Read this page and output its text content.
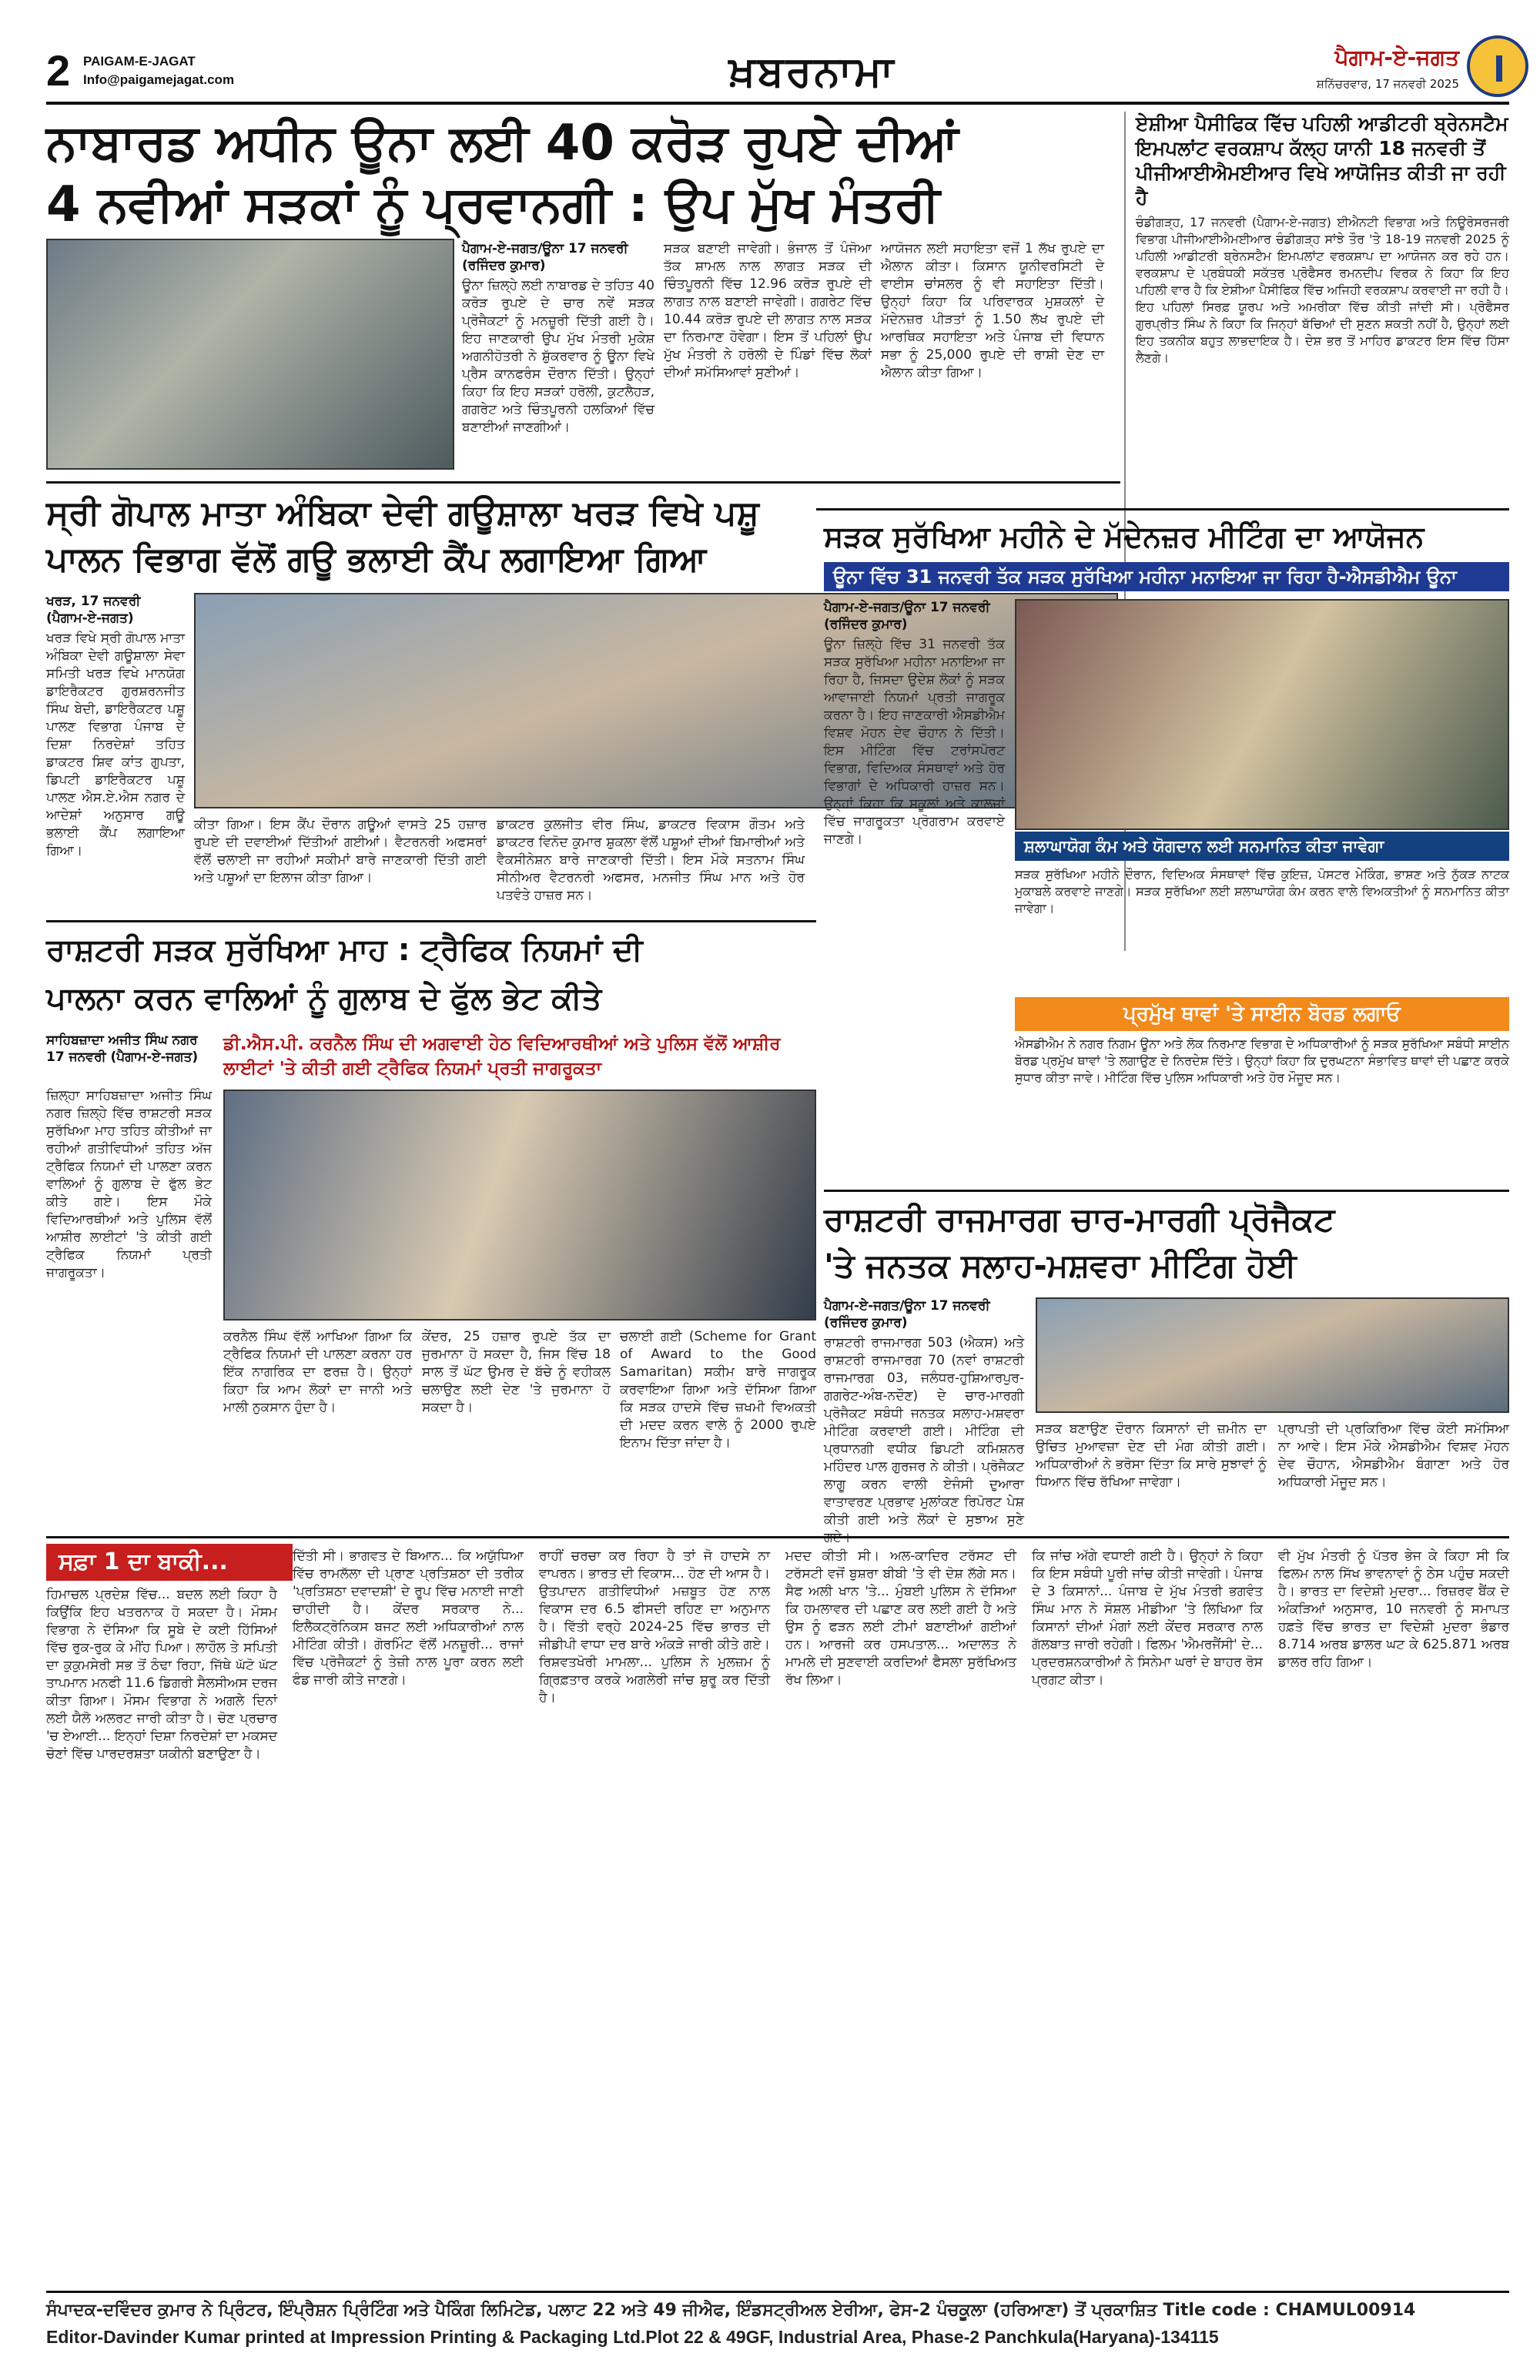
2 PAIGAM-E-JAGAT
Info@paigamejagat.com	ਖ਼ਬਰਨਾਮਾ	ਪੈਗਾਮ-ਏ-ਜਗਤ
ਸ਼ਨਿੱਚਰਵਾਰ, 17 ਜਨਵਰੀ 2025
ਨਾਬਾਰਡ ਅਧੀਨ ਊਨਾ ਲਈ 40 ਕਰੋੜ ਰੁਪਏ ਦੀਆਂ
4 ਨਵੀਆਂ ਸੜਕਾਂ ਨੂੰ ਪ੍ਰਵਾਨਗੀ : ਉਪ ਮੁੱਖ ਮੰਤਰੀ
ਪੈਗਾਮ-ਏ-ਜਗਤ/ਊਨਾ 17 ਜਨਵਰੀ (ਰਜਿੰਦਰ ਕੁਮਾਰ)
ਊਨਾ ਜ਼ਿਲ੍ਹੇ ਲਈ ਨਾਬਾਰਡ ਦੇ ਤਹਿਤ 40 ਕਰੋੜ ਰੁਪਏ ਦੇ ਚਾਰ ਨਵੇਂ ਸੜਕ ਪ੍ਰੋਜੈਕਟਾਂ ਨੂੰ ਮਨਜ਼ੂਰੀ ਦਿੱਤੀ ਗਈ ਹੈ। ਇਹ ਜਾਣਕਾਰੀ ਉਪ ਮੁੱਖ ਮੰਤਰੀ ਮੁਕੇਸ਼ ਅਗਨੀਹੋਤਰੀ ਨੇ ਸ਼ੁੱਕਰਵਾਰ ਨੂੰ ਊਨਾ ਵਿਖੇ ਪ੍ਰੈਸ ਕਾਨਫਰੰਸ ਦੌਰਾਨ ਦਿੱਤੀ। ਉਨ੍ਹਾਂ ਕਿਹਾ ਕਿ ਇਹ ਸੜਕਾਂ ਹਰੋਲੀ, ਕੁਟਲੈਹੜ, ਗਗਰੇਟ ਅਤੇ ਚਿੰਤਪੂਰਨੀ ਹਲਕਿਆਂ ਵਿੱਚ ਬਣਾਈਆਂ ਜਾਣਗੀਆਂ।
ਸੜਕ ਬਣਾਈ ਜਾਵੇਗੀ। ਭੰਜਾਲ ਤੋਂ ਪੰਜੋਆ ਤੱਕ ਸ਼ਾਮਲ ਨਾਲ ਲਾਗਤ ਸੜਕ ਦੀ ਚਿੰਤਪੂਰਨੀ ਵਿੱਚ 12.96 ਕਰੋੜ ਰੁਪਏ ਦੀ ਲਾਗਤ ਨਾਲ ਬਣਾਈ ਜਾਵੇਗੀ। ਗਗਰੇਟ ਵਿੱਚ 10.44 ਕਰੋੜ ਰੁਪਏ ਦੀ ਲਾਗਤ ਨਾਲ ਸੜਕ ਦਾ ਨਿਰਮਾਣ ਹੋਵੇਗਾ। ਇਸ ਤੋਂ ਪਹਿਲਾਂ ਉਪ ਮੁੱਖ ਮੰਤਰੀ ਨੇ ਹਰੋਲੀ ਦੇ ਪਿੰਡਾਂ ਵਿੱਚ ਲੋਕਾਂ ਦੀਆਂ ਸਮੱਸਿਆਵਾਂ ਸੁਣੀਆਂ।
ਆਯੋਜਨ ਲਈ ਸਹਾਇਤਾ ਵਜੋਂ 1 ਲੱਖ ਰੁਪਏ ਦਾ ਐਲਾਨ ਕੀਤਾ। ਕਿਸਾਨ ਯੂਨੀਵਰਸਿਟੀ ਦੇ ਵਾਈਸ ਚਾਂਸਲਰ ਨੂੰ ਵੀ ਸਹਾਇਤਾ ਦਿੱਤੀ। ਉਨ੍ਹਾਂ ਕਿਹਾ ਕਿ ਪਰਿਵਾਰਕ ਮੁਸ਼ਕਲਾਂ ਦੇ ਮੱਦੇਨਜ਼ਰ ਪੀੜਤਾਂ ਨੂੰ 1.50 ਲੱਖ ਰੁਪਏ ਦੀ ਆਰਥਿਕ ਸਹਾਇਤਾ ਅਤੇ ਪੰਜਾਬ ਦੀ ਵਿਧਾਨ ਸਭਾ ਨੂੰ 25,000 ਰੁਪਏ ਦੀ ਰਾਸ਼ੀ ਦੇਣ ਦਾ ਐਲਾਨ ਕੀਤਾ ਗਿਆ।
ਏਸ਼ੀਆ ਪੈਸੀਫਿਕ ਵਿੱਚ ਪਹਿਲੀ ਆਡੀਟਰੀ ਬ੍ਰੇਨਸਟੈਮ ਇਮਪਲਾਂਟ ਵਰਕਸ਼ਾਪ ਕੱਲ੍ਹ ਯਾਨੀ 18 ਜਨਵਰੀ ਤੋਂ ਪੀਜੀਆਈਐਮਈਆਰ ਵਿਖੇ ਆਯੋਜਿਤ ਕੀਤੀ ਜਾ ਰਹੀ ਹੈ
ਚੰਡੀਗੜ੍ਹ, 17 ਜਨਵਰੀ (ਪੈਗਾਮ-ਏ-ਜਗਤ) ਈਐਨਟੀ ਵਿਭਾਗ ਅਤੇ ਨਿਊਰੋਸਰਜਰੀ ਵਿਭਾਗ ਪੀਜੀਆਈਐਮਈਆਰ ਚੰਡੀਗੜ੍ਹ ਸਾਂਝੇ ਤੌਰ 'ਤੇ 18-19 ਜਨਵਰੀ 2025 ਨੂੰ ਪਹਿਲੀ ਆਡੀਟਰੀ ਬ੍ਰੇਨਸਟੈਮ ਇਮਪਲਾਂਟ ਵਰਕਸ਼ਾਪ ਦਾ ਆਯੋਜਨ ਕਰ ਰਹੇ ਹਨ। ਵਰਕਸ਼ਾਪ ਦੇ ਪ੍ਰਬੰਧਕੀ ਸਕੱਤਰ ਪ੍ਰੋਫੈਸਰ ਰਮਨਦੀਪ ਵਿਰਕ ਨੇ ਕਿਹਾ ਕਿ ਇਹ ਪਹਿਲੀ ਵਾਰ ਹੈ ਕਿ ਏਸ਼ੀਆ ਪੈਸੀਫਿਕ ਵਿੱਚ ਅਜਿਹੀ ਵਰਕਸ਼ਾਪ ਕਰਵਾਈ ਜਾ ਰਹੀ ਹੈ। ਇਹ ਪਹਿਲਾਂ ਸਿਰਫ਼ ਯੂਰਪ ਅਤੇ ਅਮਰੀਕਾ ਵਿੱਚ ਕੀਤੀ ਜਾਂਦੀ ਸੀ। ਪ੍ਰੋਫੈਸਰ ਗੁਰਪ੍ਰੀਤ ਸਿੰਘ ਨੇ ਕਿਹਾ ਕਿ ਜਿਨ੍ਹਾਂ ਬੱਚਿਆਂ ਦੀ ਸੁਣਨ ਸ਼ਕਤੀ ਨਹੀਂ ਹੈ, ਉਨ੍ਹਾਂ ਲਈ ਇਹ ਤਕਨੀਕ ਬਹੁਤ ਲਾਭਦਾਇਕ ਹੈ। ਦੇਸ਼ ਭਰ ਤੋਂ ਮਾਹਿਰ ਡਾਕਟਰ ਇਸ ਵਿੱਚ ਹਿੱਸਾ ਲੈਣਗੇ।
ਸ੍ਰੀ ਗੋਪਾਲ ਮਾਤਾ ਅੰਬਿਕਾ ਦੇਵੀ ਗਊਸ਼ਾਲਾ ਖਰੜ ਵਿਖੇ ਪਸ਼ੂ
ਪਾਲਨ ਵਿਭਾਗ ਵੱਲੋਂ ਗਊ ਭਲਾਈ ਕੈਂਪ ਲਗਾਇਆ ਗਿਆ
ਖਰੜ, 17 ਜਨਵਰੀ (ਪੈਗਾਮ-ਏ-ਜਗਤ)
ਖਰੜ ਵਿਖੇ ਸ੍ਰੀ ਗੋਪਾਲ ਮਾਤਾ ਅੰਬਿਕਾ ਦੇਵੀ ਗਊਸ਼ਾਲਾ ਸੇਵਾ ਸਮਿਤੀ ਖਰੜ ਵਿਖੇ ਮਾਨਯੋਗ ਡਾਇਰੈਕਟਰ ਗੁਰਸ਼ਰਨਜੀਤ ਸਿੰਘ ਬੇਦੀ, ਡਾਇਰੈਕਟਰ ਪਸ਼ੂ ਪਾਲਣ ਵਿਭਾਗ ਪੰਜਾਬ ਦੇ ਦਿਸ਼ਾ ਨਿਰਦੇਸ਼ਾਂ ਤਹਿਤ ਡਾਕਟਰ ਸ਼ਿਵ ਕਾਂਤ ਗੁਪਤਾ, ਡਿਪਟੀ ਡਾਇਰੈਕਟਰ ਪਸ਼ੂ ਪਾਲਣ ਐਸ.ਏ.ਐਸ ਨਗਰ ਦੇ ਆਦੇਸ਼ਾਂ ਅਨੁਸਾਰ ਗਊ ਭਲਾਈ ਕੈਂਪ ਲਗਾਇਆ ਗਿਆ।
ਕੀਤਾ ਗਿਆ। ਇਸ ਕੈਂਪ ਦੌਰਾਨ ਗਊਆਂ ਵਾਸਤੇ 25 ਹਜ਼ਾਰ ਰੁਪਏ ਦੀ ਦਵਾਈਆਂ ਦਿੱਤੀਆਂ ਗਈਆਂ। ਵੈਟਰਨਰੀ ਅਫਸਰਾਂ ਵੱਲੋਂ ਚਲਾਈ ਜਾ ਰਹੀਆਂ ਸਕੀਮਾਂ ਬਾਰੇ ਜਾਣਕਾਰੀ ਦਿੱਤੀ ਗਈ ਅਤੇ ਪਸ਼ੂਆਂ ਦਾ ਇਲਾਜ ਕੀਤਾ ਗਿਆ।
ਡਾਕਟਰ ਕੁਲਜੀਤ ਵੀਰ ਸਿੰਘ, ਡਾਕਟਰ ਵਿਕਾਸ ਗੌਤਮ ਅਤੇ ਡਾਕਟਰ ਵਿਨੋਦ ਕੁਮਾਰ ਸ਼ੁਕਲਾ ਵੱਲੋਂ ਪਸ਼ੂਆਂ ਦੀਆਂ ਬਿਮਾਰੀਆਂ ਅਤੇ ਵੈਕਸੀਨੇਸ਼ਨ ਬਾਰੇ ਜਾਣਕਾਰੀ ਦਿੱਤੀ। ਇਸ ਮੌਕੇ ਸਤਨਾਮ ਸਿੰਘ ਸੀਨੀਅਰ ਵੈਟਰਨਰੀ ਅਫਸਰ, ਮਨਜੀਤ ਸਿੰਘ ਮਾਨ ਅਤੇ ਹੋਰ ਪਤਵੰਤੇ ਹਾਜ਼ਰ ਸਨ।
ਸੜਕ ਸੁਰੱਖਿਆ ਮਹੀਨੇ ਦੇ ਮੱਦੇਨਜ਼ਰ ਮੀਟਿੰਗ ਦਾ ਆਯੋਜਨ
ਊਨਾ ਵਿੱਚ 31 ਜਨਵਰੀ ਤੱਕ ਸੜਕ ਸੁਰੱਖਿਆ ਮਹੀਨਾ ਮਨਾਇਆ ਜਾ ਰਿਹਾ ਹੈ-ਐਸਡੀਐਮ ਊਨਾ
ਪੈਗਾਮ-ਏ-ਜਗਤ/ਊਨਾ 17 ਜਨਵਰੀ (ਰਜਿੰਦਰ ਕੁਮਾਰ)
ਊਨਾ ਜ਼ਿਲ੍ਹੇ ਵਿੱਚ 31 ਜਨਵਰੀ ਤੱਕ ਸੜਕ ਸੁਰੱਖਿਆ ਮਹੀਨਾ ਮਨਾਇਆ ਜਾ ਰਿਹਾ ਹੈ, ਜਿਸਦਾ ਉਦੇਸ਼ ਲੋਕਾਂ ਨੂੰ ਸੜਕ ਆਵਾਜਾਈ ਨਿਯਮਾਂ ਪ੍ਰਤੀ ਜਾਗਰੂਕ ਕਰਨਾ ਹੈ। ਇਹ ਜਾਣਕਾਰੀ ਐਸਡੀਐਮ ਵਿਸ਼ਵ ਮੋਹਨ ਦੇਵ ਚੌਹਾਨ ਨੇ ਦਿੱਤੀ। ਇਸ ਮੀਟਿੰਗ ਵਿੱਚ ਟਰਾਂਸਪੋਰਟ ਵਿਭਾਗ, ਵਿਦਿਅਕ ਸੰਸਥਾਵਾਂ ਅਤੇ ਹੋਰ ਵਿਭਾਗਾਂ ਦੇ ਅਧਿਕਾਰੀ ਹਾਜ਼ਰ ਸਨ। ਉਨ੍ਹਾਂ ਕਿਹਾ ਕਿ ਸਕੂਲਾਂ ਅਤੇ ਕਾਲਜਾਂ ਵਿੱਚ ਜਾਗਰੂਕਤਾ ਪ੍ਰੋਗਰਾਮ ਕਰਵਾਏ ਜਾਣਗੇ।	ਸ਼ਲਾਘਾਯੋਗ ਕੰਮ ਅਤੇ ਯੋਗਦਾਨ ਲਈ ਸਨਮਾਨਿਤ ਕੀਤਾ ਜਾਵੇਗਾ
ਸੜਕ ਸੁਰੱਖਿਆ ਮਹੀਨੇ ਦੌਰਾਨ, ਵਿਦਿਅਕ ਸੰਸਥਾਵਾਂ ਵਿੱਚ ਕੁਇਜ਼, ਪੋਸਟਰ ਮੇਕਿੰਗ, ਭਾਸ਼ਣ ਅਤੇ ਨੁੱਕੜ ਨਾਟਕ ਮੁਕਾਬਲੇ ਕਰਵਾਏ ਜਾਣਗੇ। ਸੜਕ ਸੁਰੱਖਿਆ ਲਈ ਸ਼ਲਾਘਾਯੋਗ ਕੰਮ ਕਰਨ ਵਾਲੇ ਵਿਅਕਤੀਆਂ ਨੂੰ ਸਨਮਾਨਿਤ ਕੀਤਾ ਜਾਵੇਗਾ।
ਪ੍ਰਮੁੱਖ ਥਾਵਾਂ 'ਤੇ ਸਾਈਨ ਬੋਰਡ ਲਗਾਓ
ਐਸਡੀਐਮ ਨੇ ਨਗਰ ਨਿਗਮ ਊਨਾ ਅਤੇ ਲੋਕ ਨਿਰਮਾਣ ਵਿਭਾਗ ਦੇ ਅਧਿਕਾਰੀਆਂ ਨੂੰ ਸੜਕ ਸੁਰੱਖਿਆ ਸਬੰਧੀ ਸਾਈਨ ਬੋਰਡ ਪ੍ਰਮੁੱਖ ਥਾਵਾਂ 'ਤੇ ਲਗਾਉਣ ਦੇ ਨਿਰਦੇਸ਼ ਦਿੱਤੇ। ਉਨ੍ਹਾਂ ਕਿਹਾ ਕਿ ਦੁਰਘਟਨਾ ਸੰਭਾਵਿਤ ਥਾਵਾਂ ਦੀ ਪਛਾਣ ਕਰਕੇ ਸੁਧਾਰ ਕੀਤਾ ਜਾਵੇ। ਮੀਟਿੰਗ ਵਿੱਚ ਪੁਲਿਸ ਅਧਿਕਾਰੀ ਅਤੇ ਹੋਰ ਮੌਜੂਦ ਸਨ।
ਰਾਸ਼ਟਰੀ ਸੜਕ ਸੁਰੱਖਿਆ ਮਾਹ : ਟ੍ਰੈਫਿਕ ਨਿਯਮਾਂ ਦੀ
ਪਾਲਨਾ ਕਰਨ ਵਾਲਿਆਂ ਨੂੰ ਗੁਲਾਬ ਦੇ ਫੁੱਲ ਭੇਟ ਕੀਤੇ
ਸਾਹਿਬਜ਼ਾਦਾ ਅਜੀਤ ਸਿੰਘ ਨਗਰ 17 ਜਨਵਰੀ (ਪੈਗਾਮ-ਏ-ਜਗਤ)
ਜ਼ਿਲ੍ਹਾ ਸਾਹਿਬਜ਼ਾਦਾ ਅਜੀਤ ਸਿੰਘ ਨਗਰ ਜ਼ਿਲ੍ਹੇ ਵਿੱਚ ਰਾਸ਼ਟਰੀ ਸੜਕ ਸੁਰੱਖਿਆ ਮਾਹ ਤਹਿਤ ਕੀਤੀਆਂ ਜਾ ਰਹੀਆਂ ਗਤੀਵਿਧੀਆਂ ਤਹਿਤ ਅੱਜ ਟ੍ਰੈਫਿਕ ਨਿਯਮਾਂ ਦੀ ਪਾਲਣਾ ਕਰਨ ਵਾਲਿਆਂ ਨੂੰ ਗੁਲਾਬ ਦੇ ਫੁੱਲ ਭੇਟ ਕੀਤੇ ਗਏ। ਇਸ ਮੌਕੇ ਵਿਦਿਆਰਥੀਆਂ ਅਤੇ ਪੁਲਿਸ ਵੱਲੋਂ ਆਸ਼ੀਰ ਲਾਈਟਾਂ 'ਤੇ ਕੀਤੀ ਗਈ ਟ੍ਰੈਫਿਕ ਨਿਯਮਾਂ ਪ੍ਰਤੀ ਜਾਗਰੂਕਤਾ।
ਡੀ.ਐਸ.ਪੀ. ਕਰਨੈਲ ਸਿੰਘ ਦੀ ਅਗਵਾਈ ਹੇਠ ਵਿਦਿਆਰਥੀਆਂ ਅਤੇ ਪੁਲਿਸ ਵੱਲੋਂ ਆਸ਼ੀਰ ਲਾਈਟਾਂ 'ਤੇ ਕੀਤੀ ਗਈ ਟ੍ਰੈਫਿਕ ਨਿਯਮਾਂ ਪ੍ਰਤੀ ਜਾਗਰੂਕਤਾ
ਕਰਨੈਲ ਸਿੰਘ ਵੱਲੋਂ ਆਖਿਆ ਗਿਆ ਕਿ ਟ੍ਰੈਫਿਕ ਨਿਯਮਾਂ ਦੀ ਪਾਲਣਾ ਕਰਨਾ ਹਰ ਇੱਕ ਨਾਗਰਿਕ ਦਾ ਫਰਜ਼ ਹੈ। ਉਨ੍ਹਾਂ ਕਿਹਾ ਕਿ ਆਮ ਲੋਕਾਂ ਦਾ ਜਾਨੀ ਅਤੇ ਮਾਲੀ ਨੁਕਸਾਨ ਹੁੰਦਾ ਹੈ।
ਕੇਂਦਰ, 25 ਹਜ਼ਾਰ ਰੁਪਏ ਤੱਕ ਦਾ ਜੁਰਮਾਨਾ ਹੋ ਸਕਦਾ ਹੈ, ਜਿਸ ਵਿੱਚ 18 ਸਾਲ ਤੋਂ ਘੱਟ ਉਮਰ ਦੇ ਬੱਚੇ ਨੂੰ ਵਹੀਕਲ ਚਲਾਉਣ ਲਈ ਦੇਣ 'ਤੇ ਜੁਰਮਾਨਾ ਹੋ ਸਕਦਾ ਹੈ।
ਚਲਾਈ ਗਈ (Scheme for Grant of Award to the Good Samaritan) ਸਕੀਮ ਬਾਰੇ ਜਾਗਰੂਕ ਕਰਵਾਇਆ ਗਿਆ ਅਤੇ ਦੱਸਿਆ ਗਿਆ ਕਿ ਸੜਕ ਹਾਦਸੇ ਵਿੱਚ ਜ਼ਖਮੀ ਵਿਅਕਤੀ ਦੀ ਮਦਦ ਕਰਨ ਵਾਲੇ ਨੂੰ 2000 ਰੁਪਏ ਇਨਾਮ ਦਿੱਤਾ ਜਾਂਦਾ ਹੈ।
ਰਾਸ਼ਟਰੀ ਰਾਜਮਾਰਗ ਚਾਰ-ਮਾਰਗੀ ਪ੍ਰੋਜੈਕਟ
'ਤੇ ਜਨਤਕ ਸਲਾਹ-ਮਸ਼ਵਰਾ ਮੀਟਿੰਗ ਹੋਈ
ਪੈਗਾਮ-ਏ-ਜਗਤ/ਊਨਾ 17 ਜਨਵਰੀ (ਰਜਿੰਦਰ ਕੁਮਾਰ)
ਰਾਸ਼ਟਰੀ ਰਾਜਮਾਰਗ 503 (ਐਕਸ) ਅਤੇ ਰਾਸ਼ਟਰੀ ਰਾਜਮਾਰਗ 70 (ਨਵਾਂ ਰਾਸ਼ਟਰੀ ਰਾਜਮਾਰਗ 03, ਜਲੰਧਰ-ਹੁਸ਼ਿਆਰਪੁਰ-ਗਗਰੇਟ-ਅੰਬ-ਨਦੌਣ) ਦੇ ਚਾਰ-ਮਾਰਗੀ ਪ੍ਰੋਜੈਕਟ ਸਬੰਧੀ ਜਨਤਕ ਸਲਾਹ-ਮਸ਼ਵਰਾ ਮੀਟਿੰਗ ਕਰਵਾਈ ਗਈ। ਮੀਟਿੰਗ ਦੀ ਪ੍ਰਧਾਨਗੀ ਵਧੀਕ ਡਿਪਟੀ ਕਮਿਸ਼ਨਰ ਮਹਿੰਦਰ ਪਾਲ ਗੁਰਜਰ ਨੇ ਕੀਤੀ। ਪ੍ਰੋਜੈਕਟ ਲਾਗੂ ਕਰਨ ਵਾਲੀ ਏਜੰਸੀ ਦੁਆਰਾ ਵਾਤਾਵਰਣ ਪ੍ਰਭਾਵ ਮੁਲਾਂਕਣ ਰਿਪੋਰਟ ਪੇਸ਼ ਕੀਤੀ ਗਈ ਅਤੇ ਲੋਕਾਂ ਦੇ ਸੁਝਾਅ ਸੁਣੇ
ਸੜਕ ਬਣਾਉਣ ਦੌਰਾਨ ਕਿਸਾਨਾਂ ਦੀ ਜ਼ਮੀਨ ਦਾ ਉਚਿਤ ਮੁਆਵਜ਼ਾ ਦੇਣ ਦੀ ਮੰਗ ਕੀਤੀ ਗਈ। ਅਧਿਕਾਰੀਆਂ ਨੇ ਭਰੋਸਾ ਦਿੱਤਾ ਕਿ ਸਾਰੇ ਸੁਝਾਵਾਂ ਨੂੰ ਧਿਆਨ ਵਿੱਚ ਰੱਖਿਆ ਜਾਵੇਗਾ।
ਪ੍ਰਾਪਤੀ ਦੀ ਪ੍ਰਕਿਰਿਆ ਵਿੱਚ ਕੋਈ ਸਮੱਸਿਆ ਨਾ ਆਵੇ। ਇਸ ਮੌਕੇ ਐਸਡੀਐਮ ਵਿਸ਼ਵ ਮੋਹਨ ਦੇਵ ਚੌਹਾਨ, ਐਸਡੀਐਮ ਬੰਗਾਣਾ ਅਤੇ ਹੋਰ ਅਧਿਕਾਰੀ ਮੌਜੂਦ ਸਨ।
ਸਫ਼ਾ 1 ਦਾ ਬਾਕੀ...
ਹਿਮਾਚਲ ਪ੍ਰਦੇਸ਼ ਵਿੱਚ... ਬਦਲ ਲਈ ਕਿਹਾ ਹੈ ਕਿਉਂਕਿ ਇਹ ਖਤਰਨਾਕ ਹੋ ਸਕਦਾ ਹੈ। ਮੌਸਮ ਵਿਭਾਗ ਨੇ ਦੱਸਿਆ ਕਿ ਸੂਬੇ ਦੇ ਕਈ ਹਿੱਸਿਆਂ ਵਿੱਚ ਰੁਕ-ਰੁਕ ਕੇ ਮੀਂਹ ਪਿਆ। ਲਾਹੌਲ ਤੇ ਸਪਿਤੀ ਦਾ ਕੁਕੁਮਸੇਰੀ ਸਭ ਤੋਂ ਠੰਢਾ ਰਿਹਾ, ਜਿੱਥੇ ਘੱਟੋ ਘੱਟ ਤਾਪਮਾਨ ਮਨਫੀ 11.6 ਡਿਗਰੀ ਸੈਲਸੀਅਸ ਦਰਜ ਕੀਤਾ ਗਿਆ। ਮੌਸਮ ਵਿਭਾਗ ਨੇ ਅਗਲੇ ਦਿਨਾਂ ਲਈ ਯੈਲੋ ਅਲਰਟ ਜਾਰੀ ਕੀਤਾ ਹੈ। ਚੋਣ ਪ੍ਰਚਾਰ 'ਚ ਏਆਈ... ਇਨ੍ਹਾਂ ਦਿਸ਼ਾ ਨਿਰਦੇਸ਼ਾਂ ਦਾ ਮਕਸਦ ਚੋਣਾਂ ਵਿੱਚ ਪਾਰਦਰਸ਼ਤਾ ਯਕੀਨੀ ਬਣਾਉਣਾ ਹੈ।
ਦਿੱਤੀ ਸੀ। ਭਾਗਵਤ ਦੇ ਬਿਆਨ... ਕਿ ਅਯੁੱਧਿਆ ਵਿੱਚ ਰਾਮਲੱਲਾ ਦੀ ਪ੍ਰਾਣ ਪ੍ਰਤਿਸ਼ਠਾ ਦੀ ਤਰੀਕ 'ਪ੍ਰਤਿਸ਼ਠਾ ਦਵਾਦਸ਼ੀ' ਦੇ ਰੂਪ ਵਿੱਚ ਮਨਾਈ ਜਾਣੀ ਚਾਹੀਦੀ ਹੈ। ਕੇਂਦਰ ਸਰਕਾਰ ਨੇ... ਇਲੈਕਟ੍ਰੋਨਿਕਸ ਬਜਟ ਲਈ ਅਧਿਕਾਰੀਆਂ ਨਾਲ ਮੀਟਿੰਗ ਕੀਤੀ। ਗੋਰਮਿੰਟ ਵੱਲੋਂ ਮਨਜ਼ੂਰੀ... ਰਾਜਾਂ ਵਿੱਚ ਪ੍ਰੋਜੈਕਟਾਂ ਨੂੰ ਤੇਜ਼ੀ ਨਾਲ ਪੂਰਾ ਕਰਨ ਲਈ ਫੰਡ ਜਾਰੀ ਕੀਤੇ ਜਾਣਗੇ।
ਰਾਹੀਂ ਚਰਚਾ ਕਰ ਰਿਹਾ ਹੈ ਤਾਂ ਜੋ ਹਾਦਸੇ ਨਾ ਵਾਪਰਨ। ਭਾਰਤ ਦੀ ਵਿਕਾਸ... ਹੋਣ ਦੀ ਆਸ ਹੈ। ਉਤਪਾਦਨ ਗਤੀਵਿਧੀਆਂ ਮਜ਼ਬੂਤ ਹੋਣ ਨਾਲ ਵਿਕਾਸ ਦਰ 6.5 ਫੀਸਦੀ ਰਹਿਣ ਦਾ ਅਨੁਮਾਨ ਹੈ। ਵਿੱਤੀ ਵਰ੍ਹੇ 2024-25 ਵਿੱਚ ਭਾਰਤ ਦੀ ਜੀਡੀਪੀ ਵਾਧਾ ਦਰ ਬਾਰੇ ਅੰਕੜੇ ਜਾਰੀ ਕੀਤੇ ਗਏ। ਰਿਸ਼ਵਤਖੋਰੀ ਮਾਮਲਾ... ਪੁਲਿਸ ਨੇ ਮੁਲਜ਼ਮ ਨੂੰ ਗ੍ਰਿਫ਼ਤਾਰ ਕਰਕੇ ਅਗਲੇਰੀ ਜਾਂਚ ਸ਼ੁਰੂ ਕਰ ਦਿੱਤੀ ਹੈ।
ਮਦਦ ਕੀਤੀ ਸੀ। ਅਲ-ਕਾਦਿਰ ਟਰੱਸਟ ਦੀ ਟਰੱਸਟੀ ਵਜੋਂ ਬੁਸ਼ਰਾ ਬੀਬੀ 'ਤੇ ਵੀ ਦੋਸ਼ ਲੱਗੇ ਸਨ। ਸੈਫ ਅਲੀ ਖਾਨ 'ਤੇ... ਮੁੰਬਈ ਪੁਲਿਸ ਨੇ ਦੱਸਿਆ ਕਿ ਹਮਲਾਵਰ ਦੀ ਪਛਾਣ ਕਰ ਲਈ ਗਈ ਹੈ ਅਤੇ ਉਸ ਨੂੰ ਫੜਨ ਲਈ ਟੀਮਾਂ ਬਣਾਈਆਂ ਗਈਆਂ ਹਨ। ਆਰਜੀ ਕਰ ਹਸਪਤਾਲ... ਅਦਾਲਤ ਨੇ ਮਾਮਲੇ ਦੀ ਸੁਣਵਾਈ ਕਰਦਿਆਂ ਫੈਸਲਾ ਸੁਰੱਖਿਅਤ ਰੱਖ ਲਿਆ।
ਕਿ ਜਾਂਚ ਅੱਗੇ ਵਧਾਈ ਗਈ ਹੈ। ਉਨ੍ਹਾਂ ਨੇ ਕਿਹਾ ਕਿ ਇਸ ਸਬੰਧੀ ਪੂਰੀ ਜਾਂਚ ਕੀਤੀ ਜਾਵੇਗੀ। ਪੰਜਾਬ ਦੇ 3 ਕਿਸਾਨਾਂ... ਪੰਜਾਬ ਦੇ ਮੁੱਖ ਮੰਤਰੀ ਭਗਵੰਤ ਸਿੰਘ ਮਾਨ ਨੇ ਸੋਸ਼ਲ ਮੀਡੀਆ 'ਤੇ ਲਿਖਿਆ ਕਿ ਕਿਸਾਨਾਂ ਦੀਆਂ ਮੰਗਾਂ ਲਈ ਕੇਂਦਰ ਸਰਕਾਰ ਨਾਲ ਗੱਲਬਾਤ ਜਾਰੀ ਰਹੇਗੀ। ਫਿਲਮ 'ਐਮਰਜੈਂਸੀ' ਦੇ... ਪ੍ਰਦਰਸ਼ਨਕਾਰੀਆਂ ਨੇ ਸਿਨੇਮਾ ਘਰਾਂ ਦੇ ਬਾਹਰ ਰੋਸ ਪ੍ਰਗਟ ਕੀਤਾ।
ਵੀ ਮੁੱਖ ਮੰਤਰੀ ਨੂੰ ਪੱਤਰ ਭੇਜ ਕੇ ਕਿਹਾ ਸੀ ਕਿ ਫਿਲਮ ਨਾਲ ਸਿੱਖ ਭਾਵਨਾਵਾਂ ਨੂੰ ਠੇਸ ਪਹੁੰਚ ਸਕਦੀ ਹੈ। ਭਾਰਤ ਦਾ ਵਿਦੇਸ਼ੀ ਮੁਦਰਾ... ਰਿਜ਼ਰਵ ਬੈਂਕ ਦੇ ਅੰਕੜਿਆਂ ਅਨੁਸਾਰ, 10 ਜਨਵਰੀ ਨੂੰ ਸਮਾਪਤ ਹਫ਼ਤੇ ਵਿੱਚ ਭਾਰਤ ਦਾ ਵਿਦੇਸ਼ੀ ਮੁਦਰਾ ਭੰਡਾਰ 8.714 ਅਰਬ ਡਾਲਰ ਘਟ ਕੇ 625.871 ਅਰਬ ਡਾਲਰ ਰਹਿ ਗਿਆ।
ਸੰਪਾਦਕ-ਦਵਿੰਦਰ ਕੁਮਾਰ ਨੇ ਪ੍ਰਿੰਟਰ, ਇੰਪ੍ਰੈਸ਼ਨ ਪ੍ਰਿੰਟਿੰਗ ਅਤੇ ਪੈਕਿੰਗ ਲਿਮਿਟੇਡ, ਪਲਾਟ 22 ਅਤੇ 49 ਜੀਐਫ, ਇੰਡਸਟ੍ਰੀਅਲ ਏਰੀਆ, ਫੇਸ-2 ਪੰਚਕੂਲਾ (ਹਰਿਆਣਾ) ਤੋਂ ਪ੍ਰਕਾਸ਼ਿਤ Title code : CHAMUL00914
Editor-Davinder Kumar printed at Impression Printing & Packaging Ltd.Plot 22 & 49GF, Industrial Area, Phase-2 Panchkula(Haryana)-134115
